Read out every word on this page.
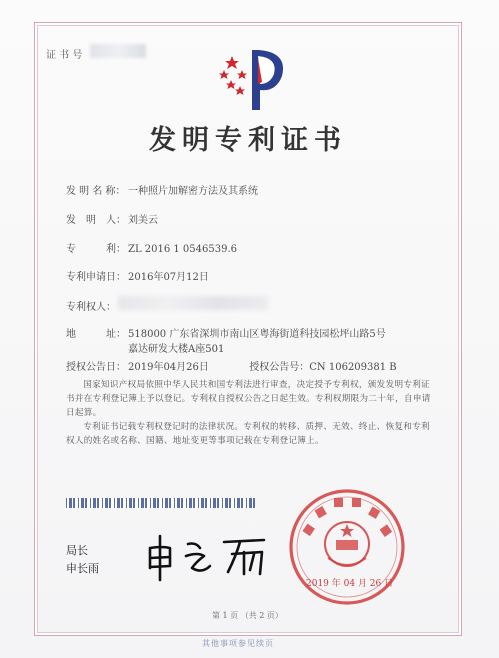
证 书 号
发明专利证书
发 明 名 称： 一种照片加解密方法及其系统
发　明　人： 刘美云
专　　　利： ZL 2016 1 0546539.6
专利申请日： 2016年07月12日
专利权人：
地　　　址： 518000 广东省深圳市南山区粤海街道科技园松坪山路5号
嘉达研发大楼A座501
授权公告日： 2019年04月26日	授权公告号：CN 106209381 B
国家知识产权局依照中华人民共和国专利法进行审查，决定授予专利权，颁发发明专利证书并在专利登记簿上予以登记。专利权自授权公告之日起生效。专利权期限为二十年，自申请日起算。
专利证书记载专利权登记时的法律状况。专利权的转移、质押、无效、终止、恢复和专利权人的姓名或名称、国籍、地址变更等事项记载在专利登记簿上。
局长
申长雨
2019 年 04 月 26 日
第 1 页 （共 2 页）
其他事项参见续页
